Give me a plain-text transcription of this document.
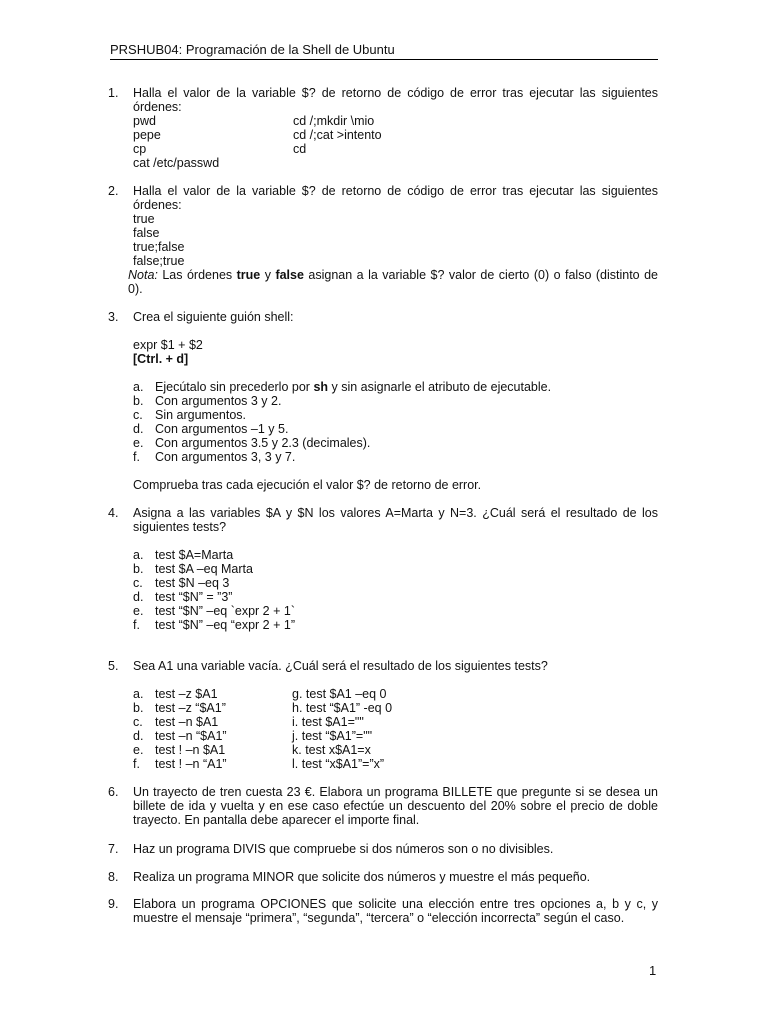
PRSHUB04: Programación de la Shell de Ubuntu
1.	Halla el valor de la variable $? de retorno de código de error tras ejecutar las siguientes órdenes:
pwd	cd /;mkdir \mio
pepe	cd /;cat >intento
cp	cd
cat /etc/passwd
2.	Halla el valor de la variable $? de retorno de código de error tras ejecutar las siguientes órdenes:
true
false
true;false
false;true
Nota: Las órdenes true y false asignan a la variable $? valor de cierto (0) o falso (distinto de 0).
3.	Crea el siguiente guión shell:
expr $1 + $2
[Ctrl. + d]
a. Ejecútalo sin precederlo por sh y sin asignarle el atributo de ejecutable.
b. Con argumentos 3 y 2.
c. Sin argumentos.
d. Con argumentos –1 y 5.
e. Con argumentos 3.5 y 2.3 (decimales).
f.	Con argumentos 3, 3 y 7.
Comprueba tras cada ejecución el valor $? de retorno de error.
4.	Asigna a las variables $A y $N los valores A=Marta y N=3. ¿Cuál será el resultado de los siguientes tests?
a. test $A=Marta
b. test $A –eq Marta
c. test $N –eq 3
d. test “$N” = ”3”
e. test “$N” –eq `expr 2 + 1`
f.	test “$N” –eq “expr 2 + 1”
5.	Sea A1 una variable vacía. ¿Cuál será el resultado de los siguientes tests?
a. test –z $A1	g. test $A1 –eq 0
b. test –z “$A1”	h. test “$A1” -eq 0
c. test –n $A1	i. test $A1=""
d. test –n “$A1”	j. test “$A1”=""
e. test ! –n $A1	k. test x$A1=x
f.	test ! –n “A1”	l. test “x$A1”=”x”
6.	Un trayecto de tren cuesta 23 €. Elabora un programa BILLETE que pregunte si se desea un billete de ida y vuelta y en ese caso efectúe un descuento del 20% sobre el precio de doble trayecto. En pantalla debe aparecer el importe final.
7.	Haz un programa DIVIS que compruebe si dos números son o no divisibles.
8.	Realiza un programa MINOR que solicite dos números y muestre el más pequeño.
9.	Elabora un programa OPCIONES que solicite una elección entre tres opciones a, b y c, y muestre el mensaje “primera”, “segunda”, “tercera” o “elección incorrecta” según el caso.
1
